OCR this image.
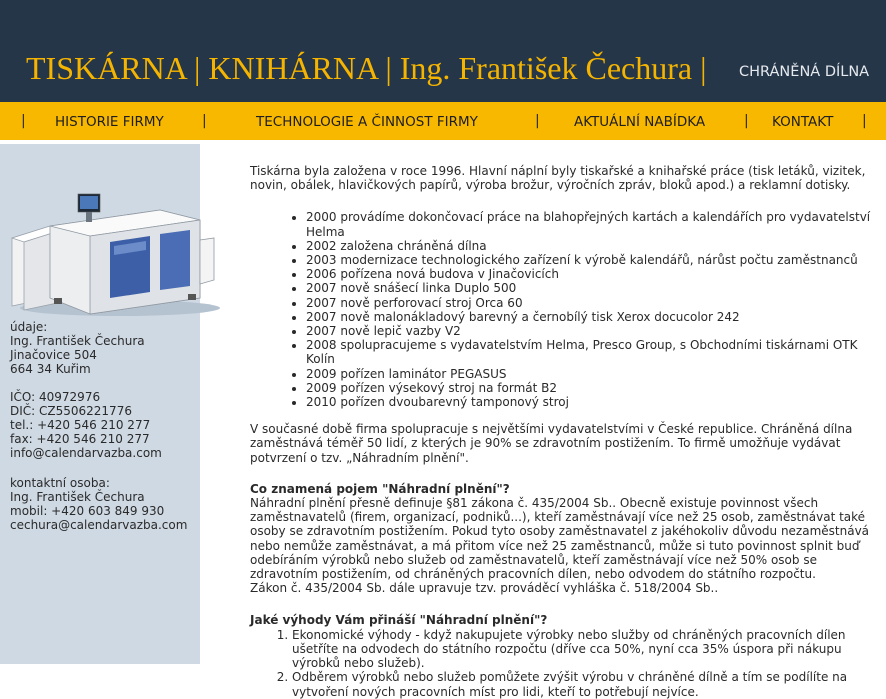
TISKÁRNA | KNIHÁRNA | Ing. František Čechura | CHRÁNĚNÁ DÍLNA
| HISTORIE FIRMY	|	TECHNOLOGIE A ČINNOST FIRMY	|	AKTUÁLNÍ NABÍDKA	| KONTAKT |
údaje:
Ing. František Čechura
Jinačovice 504
664 34 Kuřim
IČO: 40972976
DIČ: CZ5506221776
tel.: +420 546 210 277
fax: +420 546 210 277
info@calendarvazba.com
kontaktní osoba:
Ing. František Čechura
mobil: +420 603 849 930
cechura@calendarvazba.com

Tiskárna byla založena v roce 1996. Hlavní náplní byly tiskařské a knihařské práce (tisk letáků, vizitek, novin, obálek, hlavičkových papírů, výroba brožur, výročních zpráv, bloků apod.) a reklamní dotisky.

• 2000 provádíme dokončovací práce na blahopřejných kartách a kalendářích pro vydavatelství Helma
• 2002 založena chráněná dílna
• 2003 modernizace technologického zařízení k výrobě kalendářů, nárůst počtu zaměstnanců
• 2006 pořízena nová budova v Jinačovicích
• 2007 nově snášecí linka Duplo 500
• 2007 nově perforovací stroj Orca 60
• 2007 nově malonákladový barevný a černobílý tisk Xerox docucolor 242
• 2007 nově lepič vazby V2
• 2008 spolupracujeme s vydavatelstvím Helma, Presco Group, s Obchodními tiskárnami OTK Kolín
• 2009 pořízen laminátor PEGASUS
• 2009 pořízen výsekový stroj na formát B2
• 2010 pořízen dvoubarevný tamponový stroj

V současné době firma spolupracuje s největšími vydavatelstvími v České republice. Chráněná dílna zaměstnává téměř 50 lidí, z kterých je 90% se zdravotním postižením. To firmě umožňuje vydávat potvrzení o tzv. „Náhradním plnění".

Co znamená pojem "Náhradní plnění"?

Náhradní plnění přesně definuje §81 zákona č. 435/2004 Sb.. Obecně existuje povinnost všech zaměstnavatelů (firem, organizací, podniků...), kteří zaměstnávají více než 25 osob, zaměstnávat také osoby se zdravotním postižením. Pokud tyto osoby zaměstnavatel z jakéhokoliv důvodu nezaměstnává nebo nemůže zaměstnávat, a má přitom více než 25 zaměstnanců, může si tuto povinnost splnit buď odebíráním výrobků nebo služeb od zaměstnavatelů, kteří zaměstnávají více než 50% osob se zdravotním postižením, od chráněných pracovních dílen, nebo odvodem do státního rozpočtu.

Zákon č. 435/2004 Sb. dále upravuje tzv. prováděcí vyhláška č. 518/2004 Sb..

Jaké výhody Vám přináší "Náhradní plnění"?

1. Ekonomické výhody - když nakupujete výrobky nebo služby od chráněných pracovních dílen ušetříte na odvodech do státního rozpočtu (dříve cca 50%, nyní cca 35% úspora při nákupu výrobků nebo služeb).
2. Odběrem výrobků nebo služeb pomůžete zvýšit výrobu v chráněné dílně a tím se podílíte na vytvoření nových pracovních míst pro lidi, kteří to potřebují nejvíce.
